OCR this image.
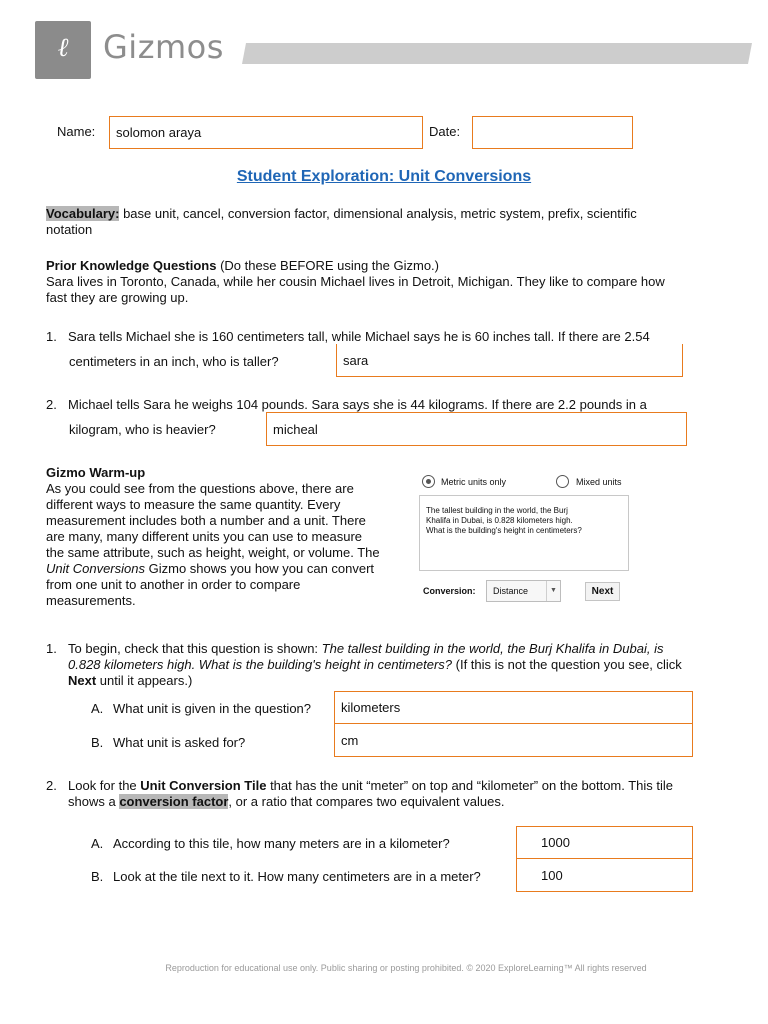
ℓ	Gizmos
Name: solomon araya	Date:
Student Exploration: Unit Conversions
Vocabulary: base unit, cancel, conversion factor, dimensional analysis, metric system, prefix, scientific
notation
Prior Knowledge Questions (Do these BEFORE using the Gizmo.)
Sara lives in Toronto, Canada, while her cousin Michael lives in Detroit, Michigan. They like to compare how
fast they are growing up.
1. Sara tells Michael she is 160 centimeters tall, while Michael says he is 60 inches tall. If there are 2.54
centimeters in an inch, who is taller?	sara
2. Michael tells Sara he weighs 104 pounds. Sara says she is 44 kilograms. If there are 2.2 pounds in a
kilogram, who is heavier?	micheal
Gizmo Warm-up
As you could see from the questions above, there are
different ways to measure the same quantity. Every
measurement includes both a number and a unit. There
are many, many different units you can use to measure
the same attribute, such as height, weight, or volume. The
Unit Conversions Gizmo shows you how you can convert
from one unit to another in order to compare
measurements.
Metric units only	Mixed units
The tallest building in the world, the Burj
Khalifa in Dubai, is 0.828 kilometers high.
What is the building's height in centimeters?
Conversion: Distance	▼	Next
1. To begin, check that this question is shown: The tallest building in the world, the Burj Khalifa in Dubai, is
0.828 kilometers high. What is the building's height in centimeters? (If this is not the question you see, click
Next until it appears.)
A. What unit is given in the question? kilometers
B. What unit is asked for?	cm
2. Look for the Unit Conversion Tile that has the unit “meter” on top and “kilometer” on the bottom. This tile
shows a conversion factor, or a ratio that compares two equivalent values.
A. According to this tile, how many meters are in a kilometer?	1000
B. Look at the tile next to it. How many centimeters are in a meter?	100
Reproduction for educational use only. Public sharing or posting prohibited. © 2020 ExploreLearning™ All rights reserved
